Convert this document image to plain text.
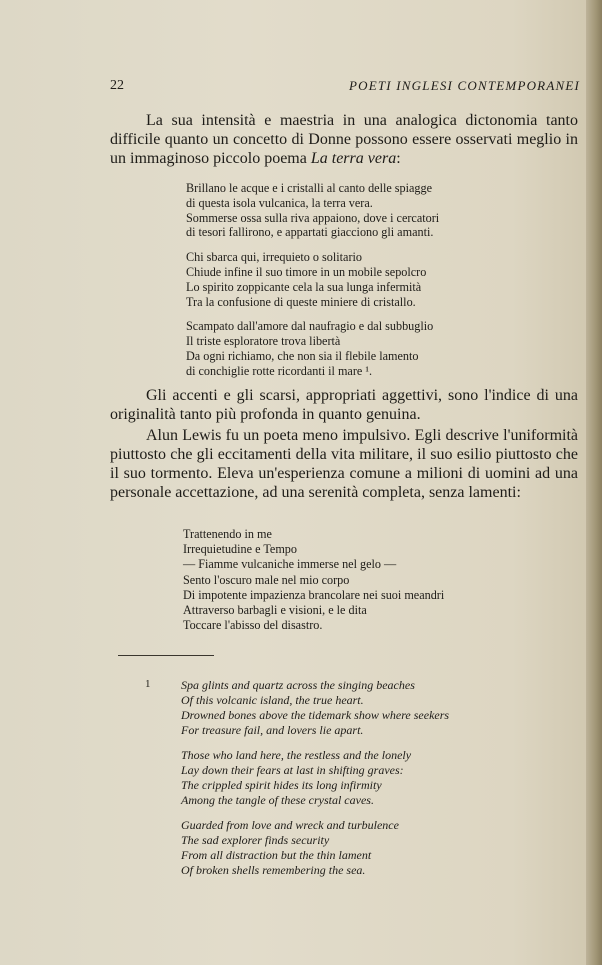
22	POETI INGLESI CONTEMPORANEI

La sua intensità e maestria in una analogica dictonomia tanto difficile quanto un concetto di Donne possono essere osservati meglio in un immaginoso piccolo poema La terra vera:

Brillano le acque e i cristalli al canto delle spiagge
di questa isola vulcanica, la terra vera.
Sommerse ossa sulla riva appaiono, dove i cercatori
di tesori fallirono, e appartati giacciono gli amanti.
Chi sbarca qui, irrequieto o solitario
Chiude infine il suo timore in un mobile sepolcro
Lo spirito zoppicante cela la sua lunga infermità
Tra la confusione di queste miniere di cristallo.
Scampato dall'amore dal naufragio e dal subbuglio
Il triste esploratore trova libertà
Da ogni richiamo, che non sia il flebile lamento
di conchiglie rotte ricordanti il mare ¹.

Gli accenti e gli scarsi, appropriati aggettivi, sono l'indice di una originalità tanto più profonda in quanto genuina.

Alun Lewis fu un poeta meno impulsivo. Egli descrive l'uniformità piuttosto che gli eccitamenti della vita militare, il suo esilio piuttosto che il suo tormento. Eleva un'esperienza comune a milioni di uomini ad una personale accettazione, ad una serenità completa, senza lamenti:

Trattenendo in me
Irrequietudine e Tempo
— Fiamme vulcaniche immerse nel gelo —
Sento l'oscuro male nel mio corpo
Di impotente impazienza brancolare nei suoi meandri
Attraverso barbagli e visioni, e le dita
Toccare l'abisso del disastro.
1	Spa glints and quartz across the singing beaches
Of this volcanic island, the true heart.
Drowned bones above the tidemark show where seekers
For treasure fail, and lovers lie apart.
Those who land here, the restless and the lonely
Lay down their fears at last in shifting graves:
The crippled spirit hides its long infirmity
Among the tangle of these crystal caves.
Guarded from love and wreck and turbulence
The sad explorer finds security
From all distraction but the thin lament
Of broken shells remembering the sea.
